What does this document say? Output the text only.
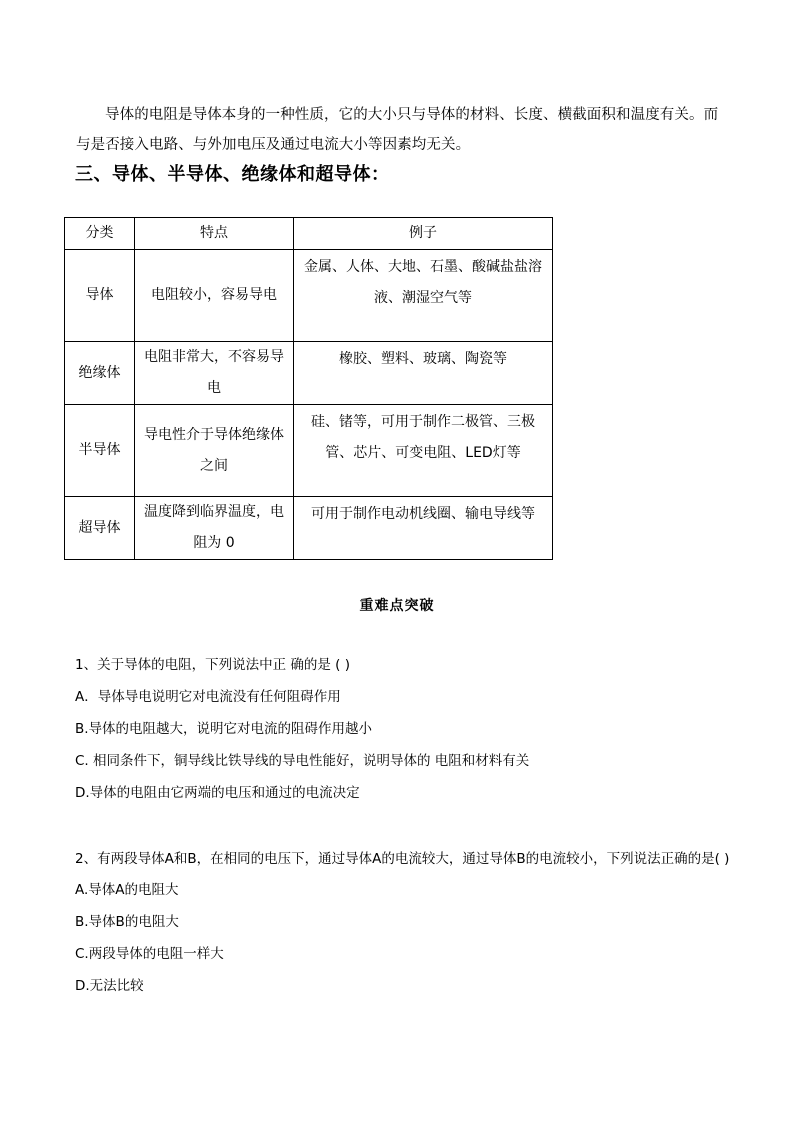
导体的电阻是导体本身的一种性质，它的大小只与导体的材料、长度、横截面积和温度有关。而与是否接入电路、与外加电压及通过电流大小等因素均无关。

三、导体、半导体、绝缘体和超导体：
分类	特点	例子
导体	电阻较小，容易导电	金属、人体、大地、石墨、酸碱盐盐溶液、潮湿空气等
绝缘体	电阻非常大，不容易导电	橡胶、塑料、玻璃、陶瓷等
半导体	导电性介于导体绝缘体之间	硅、锗等，可用于制作二极管、三极管、芯片、可变电阻、LED灯等
超导体	温度降到临界温度，电阻为 0	可用于制作电动机线圈、输电导线等
重难点突破

1、关于导体的电阻，下列说法中正 确的是 ( )

A．导体导电说明它对电流没有任何阻碍作用

B.导体的电阻越大，说明它对电流的阻碍作用越小

C. 相同条件下，铜导线比铁导线的导电性能好，说明导体的 电阻和材料有关

D.导体的电阻由它两端的电压和通过的电流决定

2、有两段导体A和B，在相同的电压下，通过导体A的电流较大，通过导体B的电流较小，下列说法正确的是( )

A.导体A的电阻大

B.导体B的电阻大

C.两段导体的电阻一样大

D.无法比较
